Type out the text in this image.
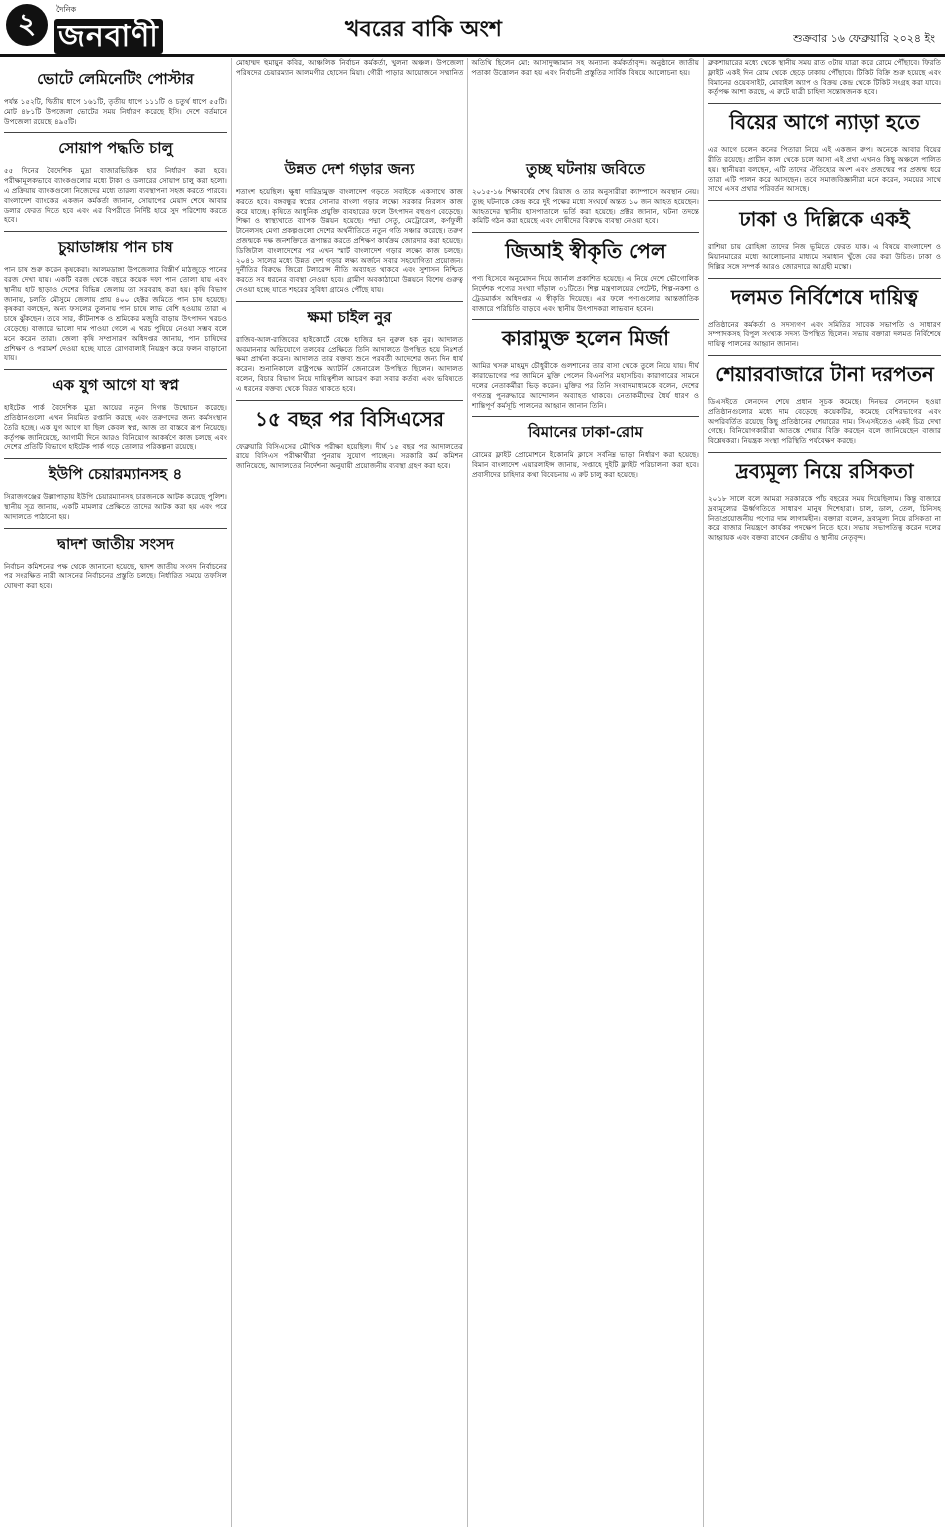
২	দৈনিক
জনবাণী	খবরের বাকি অংশ	শুক্রবার ১৬ ফেব্রুয়ারি ২০২৪ ইং
ভোটে লেমিনেটিং পোস্টার

পর্যন্ত ১৫২টি, দ্বিতীয় ধাপে ১৬১টি, তৃতীয় ধাপে ১১১টি ও চতুর্থ ধাপে ৫৫টি। মোট ৪৮১টি উপজেলা ভোটের সময় নির্ধারণ করেছে ইসি। দেশে বর্তমানে উপজেলা রয়েছে ৪৯৫টি।

সোয়াপ পদ্ধতি চালু

৫৫ দিনের বৈদেশিক মুদ্রা বাজারভিত্তিক হার নির্ধারণ করা হবে। পরীক্ষামূলকভাবে ব্যাংকগুলোর মধ্যে টাকা ও ডলারের সোয়াপ চালু করা হলো। এ প্রক্রিয়ায় ব্যাংকগুলো নিজেদের মধ্যে তারল্য ব্যবস্থাপনা সহজ করতে পারবে। বাংলাদেশ ব্যাংকের একজন কর্মকর্তা জানান, সোয়াপের মেয়াদ শেষে আবার ডলার ফেরত দিতে হবে এবং এর বিপরীতে নির্দিষ্ট হারে সুদ পরিশোধ করতে হবে।

চুয়াডাঙ্গায় পান চাষ

পান চাষ শুরু করেন কৃষকেরা। আলমডাঙ্গা উপজেলার বিস্তীর্ণ মাঠজুড়ে পানের বরজ দেখা যায়। একটি বরজ থেকে বছরে কয়েক দফা পান তোলা যায় এবং স্থানীয় হাট ছাড়াও দেশের বিভিন্ন জেলায় তা সরবরাহ করা হয়। কৃষি বিভাগ জানায়, চলতি মৌসুমে জেলায় প্রায় ৪০০ হেক্টর জমিতে পান চাষ হয়েছে। কৃষকরা বলছেন, অন্য ফসলের তুলনায় পান চাষে লাভ বেশি হওয়ায় তারা এ চাষে ঝুঁকছেন। তবে সার, কীটনাশক ও শ্রমিকের মজুরি বাড়ায় উৎপাদন খরচও বেড়েছে। বাজারে ভালো দাম পাওয়া গেলে এ খরচ পুষিয়ে নেওয়া সম্ভব বলে মনে করেন তারা। জেলা কৃষি সম্প্রসারণ অধিদপ্তর জানায়, পান চাষিদের প্রশিক্ষণ ও পরামর্শ দেওয়া হচ্ছে যাতে রোগবালাই নিয়ন্ত্রণ করে ফলন বাড়ানো যায়।

এক যুগ আগে যা স্বপ্ন

হাইটেক পার্ক বৈদেশিক মুদ্রা আয়ের নতুন দিগন্ত উন্মোচন করেছে। প্রতিষ্ঠানগুলো এখন নিয়মিত রপ্তানি করছে এবং তরুণদের জন্য কর্মসংস্থান তৈরি হচ্ছে। এক যুগ আগে যা ছিল কেবল স্বপ্ন, আজ তা বাস্তবে রূপ নিয়েছে। কর্তৃপক্ষ জানিয়েছে, আগামী দিনে আরও বিনিয়োগ আকর্ষণে কাজ চলছে এবং দেশের প্রতিটি বিভাগে হাইটেক পার্ক গড়ে তোলার পরিকল্পনা রয়েছে।

ইউপি চেয়ারম্যানসহ ৪

সিরাজগঞ্জের উল্লাপাড়ায় ইউপি চেয়ারম্যানসহ চারজনকে আটক করেছে পুলিশ। স্থানীয় সূত্র জানায়, একটি মামলার প্রেক্ষিতে তাদের আটক করা হয় এবং পরে আদালতে পাঠানো হয়।

দ্বাদশ জাতীয় সংসদ

নির্বাচন কমিশনের পক্ষ থেকে জানানো হয়েছে, দ্বাদশ জাতীয় সংসদ নির্বাচনের পর সংরক্ষিত নারী আসনের নির্বাচনের প্রস্তুতি চলছে। নির্ধারিত সময়ে তফসিল ঘোষণা করা হবে।

মোহাম্মদ হুমায়ুন কবির, আঞ্চলিক নির্বাচন কর্মকর্তা, খুলনা অঞ্চল। উপজেলা পরিষদের চেয়ারম্যান আলমগীর হোসেন মিয়া। গৌরী পাড়ার আয়োজনে সম্মানিত অতিথি ছিলেন মো: আসাদুজ্জামান সহ অন্যান্য কর্মকর্তাবৃন্দ। অনুষ্ঠানে জাতীয় পতাকা উত্তোলন করা হয় এবং নির্বাচনী প্রস্তুতির সার্বিক বিষয়ে আলোচনা হয়।

উন্নত দেশ গড়ার জন্য

শতাংশ হয়েছিল। ক্ষুধা দারিদ্র্যমুক্ত বাংলাদেশ গড়তে সবাইকে একসাথে কাজ করতে হবে। বঙ্গবন্ধুর স্বপ্নের সোনার বাংলা গড়ার লক্ষ্যে সরকার নিরলস কাজ করে যাচ্ছে। কৃষিতে আধুনিক প্রযুক্তি ব্যবহারের ফলে উৎপাদন বহুগুণ বেড়েছে। শিক্ষা ও স্বাস্থ্যখাতে ব্যাপক উন্নয়ন হয়েছে। পদ্মা সেতু, মেট্রোরেল, কর্ণফুলী টানেলসহ মেগা প্রকল্পগুলো দেশের অর্থনীতিতে নতুন গতি সঞ্চার করেছে। তরুণ প্রজন্মকে দক্ষ জনশক্তিতে রূপান্তর করতে প্রশিক্ষণ কার্যক্রম জোরদার করা হয়েছে। ডিজিটাল বাংলাদেশের পর এখন স্মার্ট বাংলাদেশ গড়ার লক্ষ্যে কাজ চলছে। ২০৪১ সালের মধ্যে উন্নত দেশ গড়ার লক্ষ্য অর্জনে সবার সহযোগিতা প্রয়োজন। দুর্নীতির বিরুদ্ধে জিরো টলারেন্স নীতি অব্যাহত থাকবে এবং সুশাসন নিশ্চিত করতে সব ধরনের ব্যবস্থা নেওয়া হবে। গ্রামীণ অবকাঠামো উন্নয়নে বিশেষ গুরুত্ব দেওয়া হচ্ছে যাতে শহরের সুবিধা গ্রামেও পৌঁছে যায়।

ক্ষমা চাইল নুর

রাজিব-আল-রাজিবের হাইকোর্টে বেঞ্চে হাজির হন নুরুল হক নুর। আদালত অবমাননার অভিযোগে তলবের প্রেক্ষিতে তিনি আদালতে উপস্থিত হয়ে নিঃশর্ত ক্ষমা প্রার্থনা করেন। আদালত তার বক্তব্য শুনে পরবর্তী আদেশের জন্য দিন ধার্য করেন। শুনানিকালে রাষ্ট্রপক্ষে অ্যাটর্নি জেনারেল উপস্থিত ছিলেন। আদালত বলেন, বিচার বিভাগ নিয়ে দায়িত্বশীল আচরণ করা সবার কর্তব্য এবং ভবিষ্যতে এ ধরনের বক্তব্য থেকে বিরত থাকতে হবে।

১৫ বছর পর বিসিএসের

ফেব্রুয়ারি বিসিএসের মৌখিক পরীক্ষা হয়েছিল। দীর্ঘ ১৫ বছর পর আদালতের রায়ে বিসিএস পরীক্ষার্থীরা পুনরায় সুযোগ পাচ্ছেন। সরকারি কর্ম কমিশন জানিয়েছে, আদালতের নির্দেশনা অনুযায়ী প্রয়োজনীয় ব্যবস্থা গ্রহণ করা হবে।

তুচ্ছ ঘটনায় জবিতে

২০১৫-১৬ শিক্ষাবর্ষের শেখ রিয়াজ ও তার অনুসারীরা ক্যাম্পাসে অবস্থান নেয়। তুচ্ছ ঘটনাকে কেন্দ্র করে দুই পক্ষের মধ্যে সংঘর্ষে অন্তত ১০ জন আহত হয়েছেন। আহতদের স্থানীয় হাসপাতালে ভর্তি করা হয়েছে। প্রক্টর জানান, ঘটনা তদন্তে কমিটি গঠন করা হয়েছে এবং দোষীদের বিরুদ্ধে ব্যবস্থা নেওয়া হবে।

জিআই স্বীকৃতি পেল

পণ্য হিসেবে অনুমোদন দিয়ে জার্নাল প্রকাশিত হয়েছে। এ নিয়ে দেশে ভৌগোলিক নির্দেশক পণ্যের সংখ্যা দাঁড়াল ৩১টিতে। শিল্প মন্ত্রণালয়ের পেটেন্ট, শিল্প-নকশা ও ট্রেডমার্কস অধিদপ্তর এ স্বীকৃতি দিয়েছে। এর ফলে পণ্যগুলোর আন্তর্জাতিক বাজারে পরিচিতি বাড়বে এবং স্থানীয় উৎপাদকরা লাভবান হবেন।

কারামুক্ত হলেন মির্জা

আমির খসরু মাহমুদ চৌধুরীকে গুলশানের তার বাসা থেকে তুলে নিয়ে যায়। দীর্ঘ কারাভোগের পর জামিনে মুক্তি পেলেন বিএনপির মহাসচিব। কারাগারের সামনে দলের নেতাকর্মীরা ভিড় করেন। মুক্তির পর তিনি সংবাদমাধ্যমকে বলেন, দেশের গণতন্ত্র পুনরুদ্ধারে আন্দোলন অব্যাহত থাকবে। নেতাকর্মীদের ধৈর্য ধারণ ও শান্তিপূর্ণ কর্মসূচি পালনের আহ্বান জানান তিনি।

বিমানের ঢাকা-রোম

রোমের ফ্লাইট প্রোমোশনে ইকোনমি ক্লাসে সর্বনিম্ন ভাড়া নির্ধারণ করা হয়েছে। বিমান বাংলাদেশ এয়ারলাইন্স জানায়, সপ্তাহে দুইটি ফ্লাইট পরিচালনা করা হবে। প্রবাসীদের চাহিদার কথা বিবেচনায় এ রুট চালু করা হয়েছে।

ব্রুকশায়ারের মধ্যে থেকে স্থানীয় সময় রাত ৩টায় যাত্রা করে রোমে পৌঁছাবে। ফিরতি ফ্লাইট একই দিন রোম থেকে ছেড়ে ঢাকায় পৌঁছাবে। টিকিট বিক্রি শুরু হয়েছে এবং বিমানের ওয়েবসাইট, মোবাইল অ্যাপ ও বিক্রয় কেন্দ্র থেকে টিকিট সংগ্রহ করা যাবে। কর্তৃপক্ষ আশা করছে, এ রুটে যাত্রী চাহিদা সন্তোষজনক হবে।

বিয়ের আগে ন্যাড়া হতে

এর আগে চলেন কনের পিতারা নিয়ে এই একজন রুপ। অনেকে আবার বিয়ের রীতি রয়েছে। প্রাচীন কাল থেকে চলে আসা এই প্রথা এখনও কিছু অঞ্চলে পালিত হয়। স্থানীয়রা বলছেন, এটি তাদের ঐতিহ্যের অংশ এবং প্রজন্মের পর প্রজন্ম ধরে তারা এটি পালন করে আসছেন। তবে সমাজবিজ্ঞানীরা মনে করেন, সময়ের সাথে সাথে এসব প্রথার পরিবর্তন আসছে।

ঢাকা ও দিল্লিকে একই

রাশিয়া চায় রোহিঙ্গা তাদের নিজ ভূমিতে ফেরত যাক। এ বিষয়ে বাংলাদেশ ও মিয়ানমারের মধ্যে আলোচনার মাধ্যমে সমাধান খুঁজে বের করা উচিত। ঢাকা ও দিল্লির সঙ্গে সম্পর্ক আরও জোরদারে আগ্রহী মস্কো।

দলমত নির্বিশেষে দায়িত্ব

প্রতিষ্ঠানের কর্মকর্তা ও সদস্যগণ এবং সমিতির সাবেক সভাপতি ও সাধারণ সম্পাদকসহ বিপুল সংখ্যক সদস্য উপস্থিত ছিলেন। সভায় বক্তারা দলমত নির্বিশেষে দায়িত্ব পালনের আহ্বান জানান।

শেয়ারবাজারে টানা দরপতন

ডিএসইতে লেনদেন শেষে প্রধান সূচক কমেছে। দিনভর লেনদেন হওয়া প্রতিষ্ঠানগুলোর মধ্যে দাম বেড়েছে কয়েকটির, কমেছে বেশিরভাগের এবং অপরিবর্তিত রয়েছে কিছু প্রতিষ্ঠানের শেয়ারের দাম। সিএসইতেও একই চিত্র দেখা গেছে। বিনিয়োগকারীরা আতঙ্কে শেয়ার বিক্রি করছেন বলে জানিয়েছেন বাজার বিশ্লেষকরা। নিয়ন্ত্রক সংস্থা পরিস্থিতি পর্যবেক্ষণ করছে।

দ্রব্যমূল্য নিয়ে রসিকতা

২০১৮ সালে বলে আমরা সরকারকে পাঁচ বছরের সময় দিয়েছিলাম। কিন্তু বাজারে দ্রব্যমূল্যের ঊর্ধ্বগতিতে সাধারণ মানুষ দিশেহারা। চাল, ডাল, তেল, চিনিসহ নিত্যপ্রয়োজনীয় পণ্যের দাম লাগামহীন। বক্তারা বলেন, দ্রব্যমূল্য নিয়ে রসিকতা না করে বাজার নিয়ন্ত্রণে কার্যকর পদক্ষেপ নিতে হবে। সভায় সভাপতিত্ব করেন দলের আহ্বায়ক এবং বক্তব্য রাখেন কেন্দ্রীয় ও স্থানীয় নেতৃবৃন্দ।
